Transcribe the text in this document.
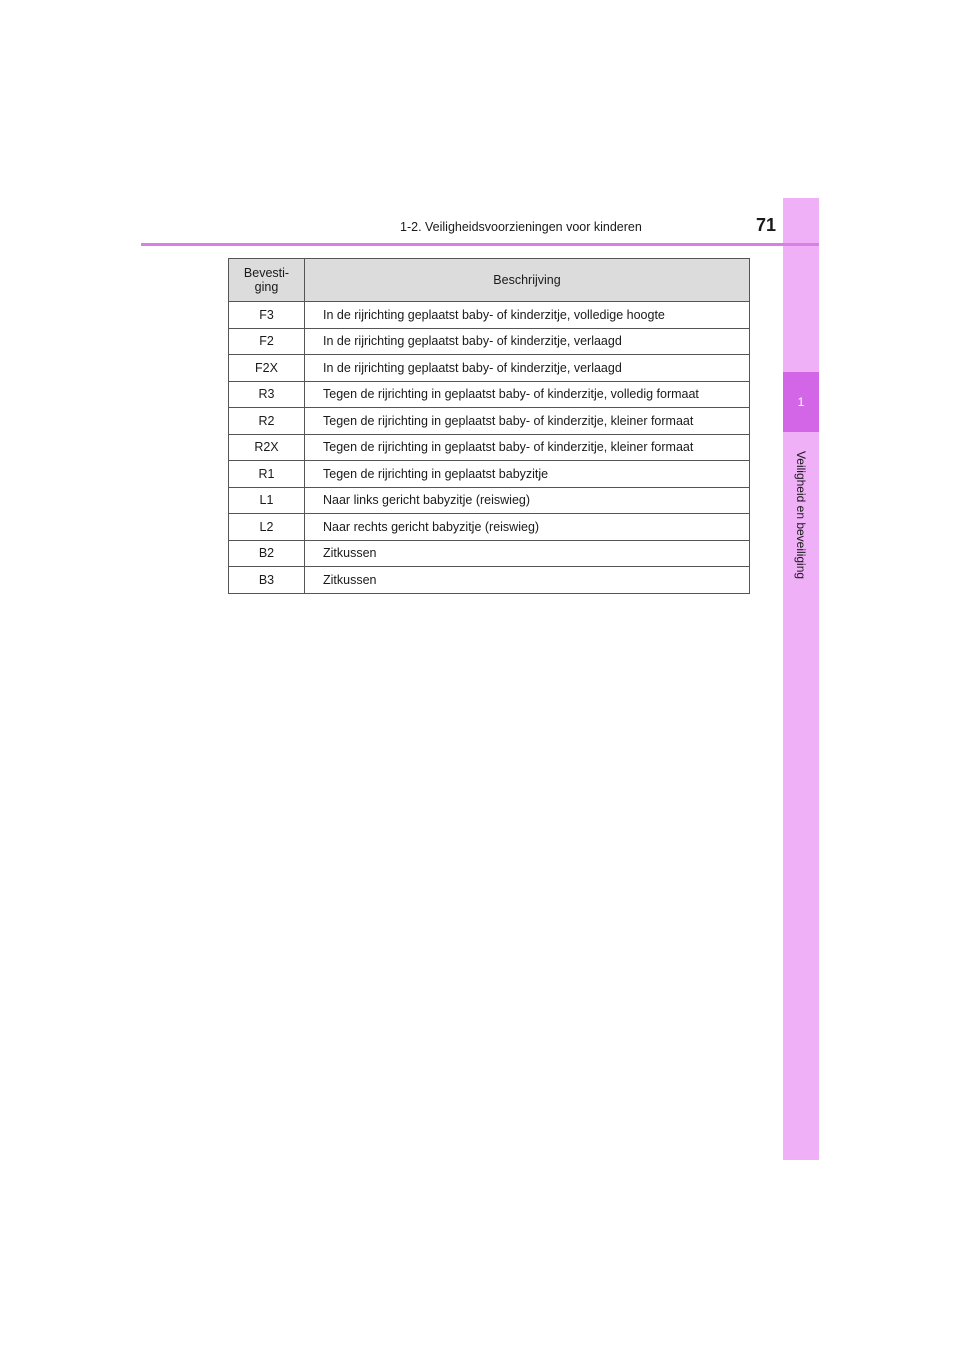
1
Veiligheid en beveiliging
1-2. Veiligheidsvoorzieningen voor kinderen	71
Bevesti-
ging	Beschrijving
F3	In de rijrichting geplaatst baby- of kinderzitje, volledige hoogte
F2	In de rijrichting geplaatst baby- of kinderzitje, verlaagd
F2X	In de rijrichting geplaatst baby- of kinderzitje, verlaagd
R3	Tegen de rijrichting in geplaatst baby- of kinderzitje, volledig formaat
R2	Tegen de rijrichting in geplaatst baby- of kinderzitje, kleiner formaat
R2X	Tegen de rijrichting in geplaatst baby- of kinderzitje, kleiner formaat
R1	Tegen de rijrichting in geplaatst babyzitje
L1	Naar links gericht babyzitje (reiswieg)
L2	Naar rechts gericht babyzitje (reiswieg)
B2	Zitkussen
B3	Zitkussen
